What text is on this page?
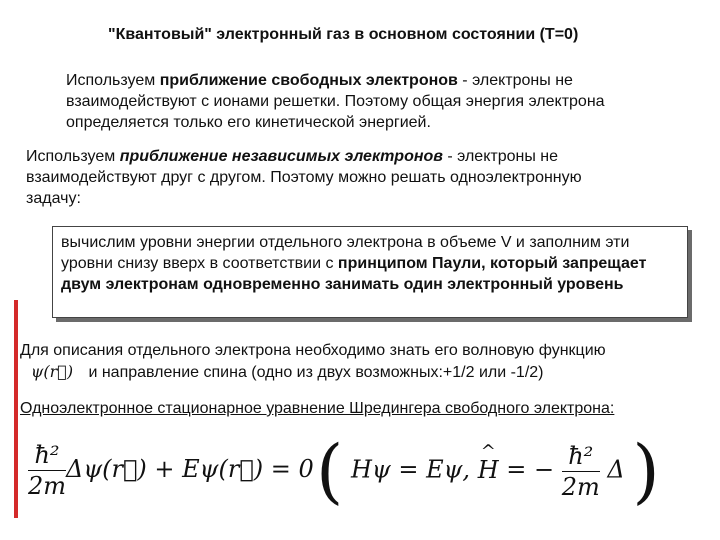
"Квантовый" электронный газ в основном состоянии (T=0)
Используем приближение свободных электронов - электроны не взаимодействуют с ионами решетки. Поэтому общая энергия электрона определяется только его кинетической энергией.
Используем приближение независимых электронов - электроны не взаимодействуют друг с другом. Поэтому можно решать одноэлектронную задачу:
вычислим уровни энергии отдельного электрона в объеме V и заполним эти уровни снизу вверх в соответствии с принципом Паули, который запрещает двум электронам одновременно занимать один электронный уровень
Для описания отдельного электрона необходимо знать его волновую функцию ψ(r⃗) и направление спина (одно из двух возможных:+1/2 или -1/2)
Одноэлектронное стационарное уравнение Шредингера свободного электрона:
$\frac{\text{ħ²}}{2m}$ Δψ(r⃗) + Eψ(r⃗) = 0 ( Hψ = Eψ, ^ H = − $\frac{\text{ħ²}}{2m}$ Δ )
